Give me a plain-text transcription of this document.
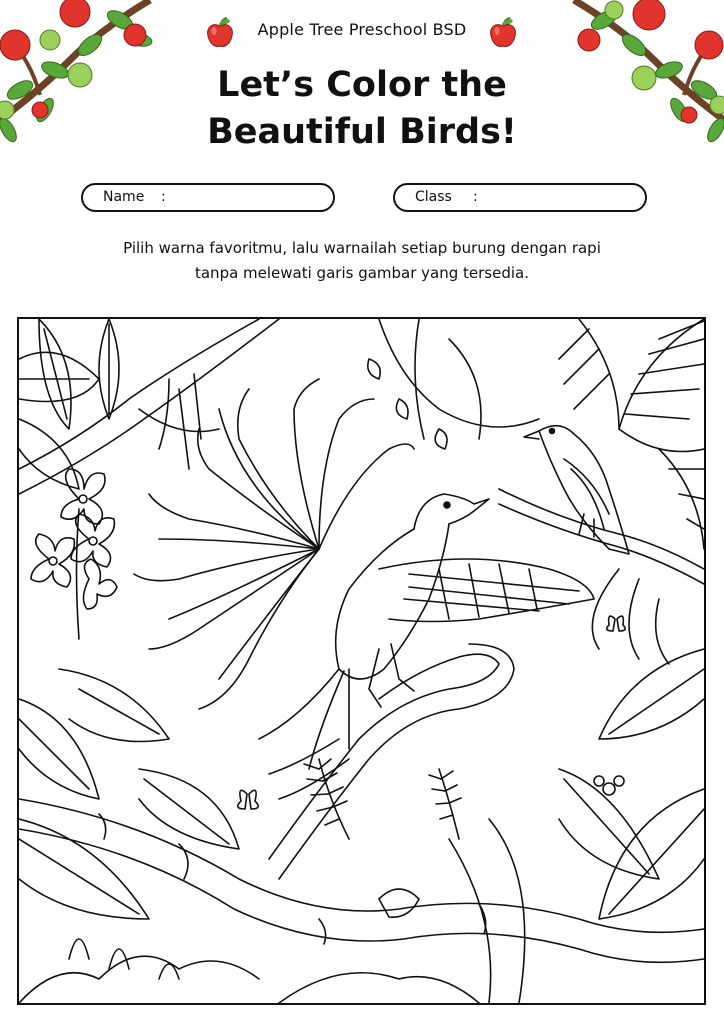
Apple Tree Preschool BSD
Let’s Color the
Beautiful Birds!
Name :	Class :
Pilih warna favoritmu, lalu warnailah setiap burung dengan rapi
tanpa melewati garis gambar yang tersedia.
